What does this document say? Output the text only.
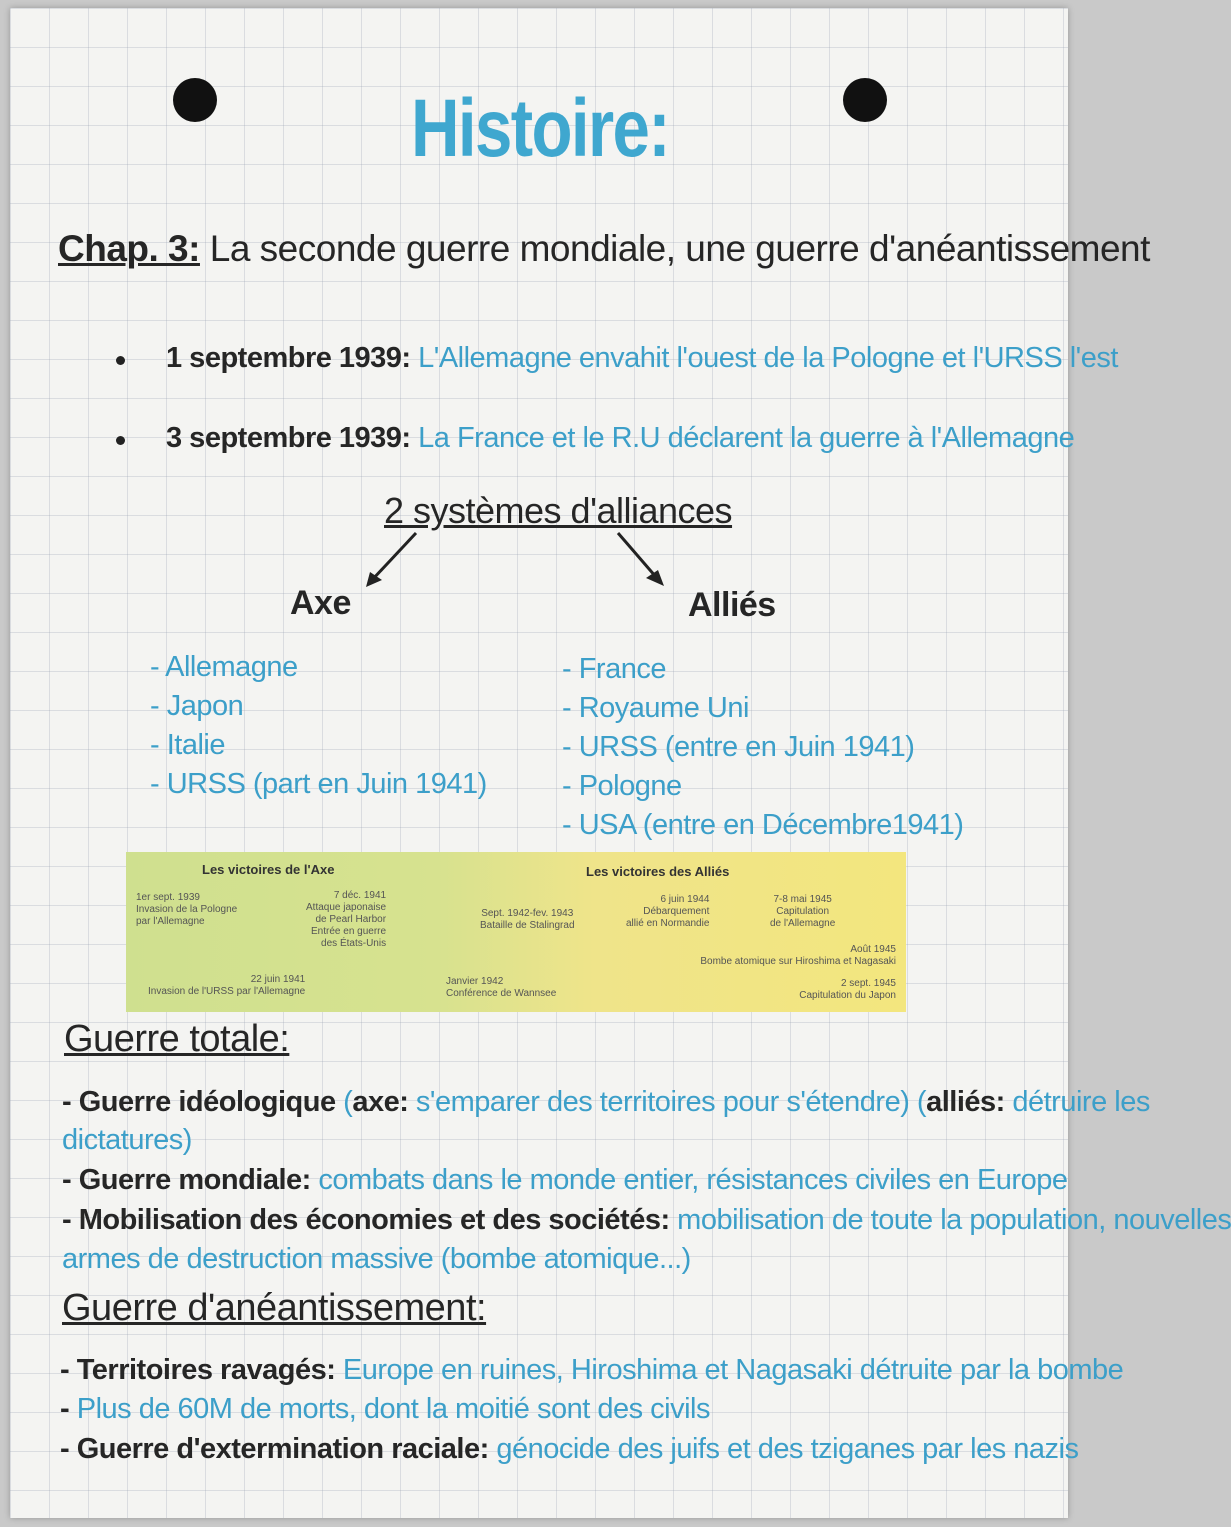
Histoire:
Chap. 3: La seconde guerre mondiale, une guerre d'anéantissement
1 septembre 1939: L'Allemagne envahit l'ouest de la Pologne et l'URSS l'est
3 septembre 1939: La France et le R.U déclarent la guerre à l'Allemagne
2 systèmes d'alliances
Axe	Alliés
- Allemagne
- Japon
- Italie
- URSS (part en Juin 1941)
- France
- Royaume Uni
- URSS (entre en Juin 1941)
- Pologne
- USA (entre en Décembre1941)
Les victoires de l'Axe	Les victoires des Alliés
1er sept. 1939
Invasion de la Pologne
par l'Allemagne
7 déc. 1941
Attaque japonaise
de Pearl Harbor
Entrée en guerre
des États-Unis
22 juin 1941
Invasion de l'URSS par l'Allemagne
Sept. 1942-fev. 1943
Bataille de Stalingrad
Janvier 1942
Conférence de Wannsee
6 juin 1944
Débarquement
allié en Normandie
7-8 mai 1945
Capitulation
de l'Allemagne
Août 1945
Bombe atomique sur Hiroshima et Nagasaki
2 sept. 1945
Capitulation du Japon
Guerre totale:
- Guerre idéologique (axe: s'emparer des territoires pour s'étendre) (alliés: détruire les
dictatures)
- Guerre mondiale: combats dans le monde entier, résistances civiles en Europe
- Mobilisation des économies et des sociétés: mobilisation de toute la population, nouvelles
armes de destruction massive (bombe atomique...)
Guerre d'anéantissement:
- Territoires ravagés: Europe en ruines, Hiroshima et Nagasaki détruite par la bombe
- Plus de 60M de morts, dont la moitié sont des civils
- Guerre d'extermination raciale: génocide des juifs et des tziganes par les nazis
